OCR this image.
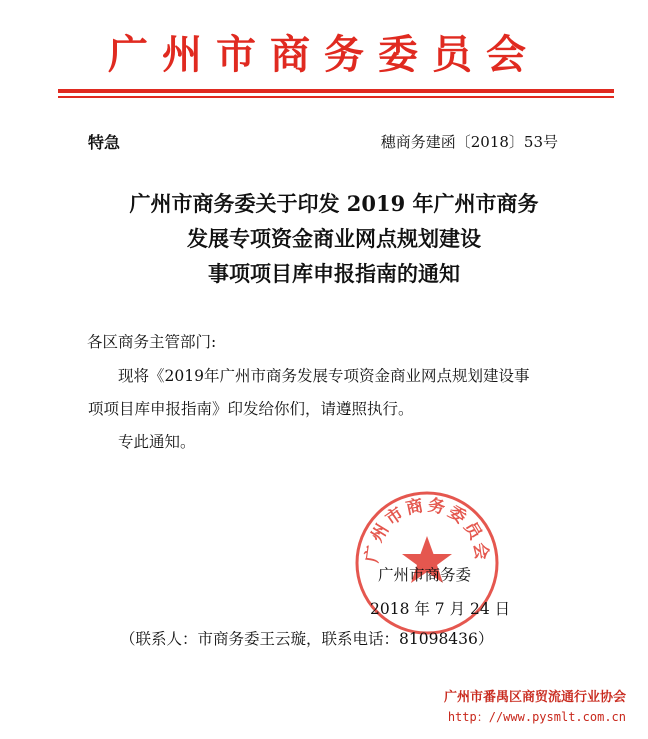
广州市商务委员会
特急	穗商务建函〔2018〕53号
广州市商务委关于印发 2019 年广州市商务
发展专项资金商业网点规划建设
事项项目库申报指南的通知
各区商务主管部门:
现将《2019年广州市商务发展专项资金商业网点规划建设事
项项目库申报指南》印发给你们，请遵照执行。
专此通知。
广州市商务委员会
广州市商务委
2018 年 7 月 24 日
（联系人：市商务委王云璇，联系电话：81098436）
广州市番禺区商贸流通行业协会
http：//www.pysmlt.com.cn
